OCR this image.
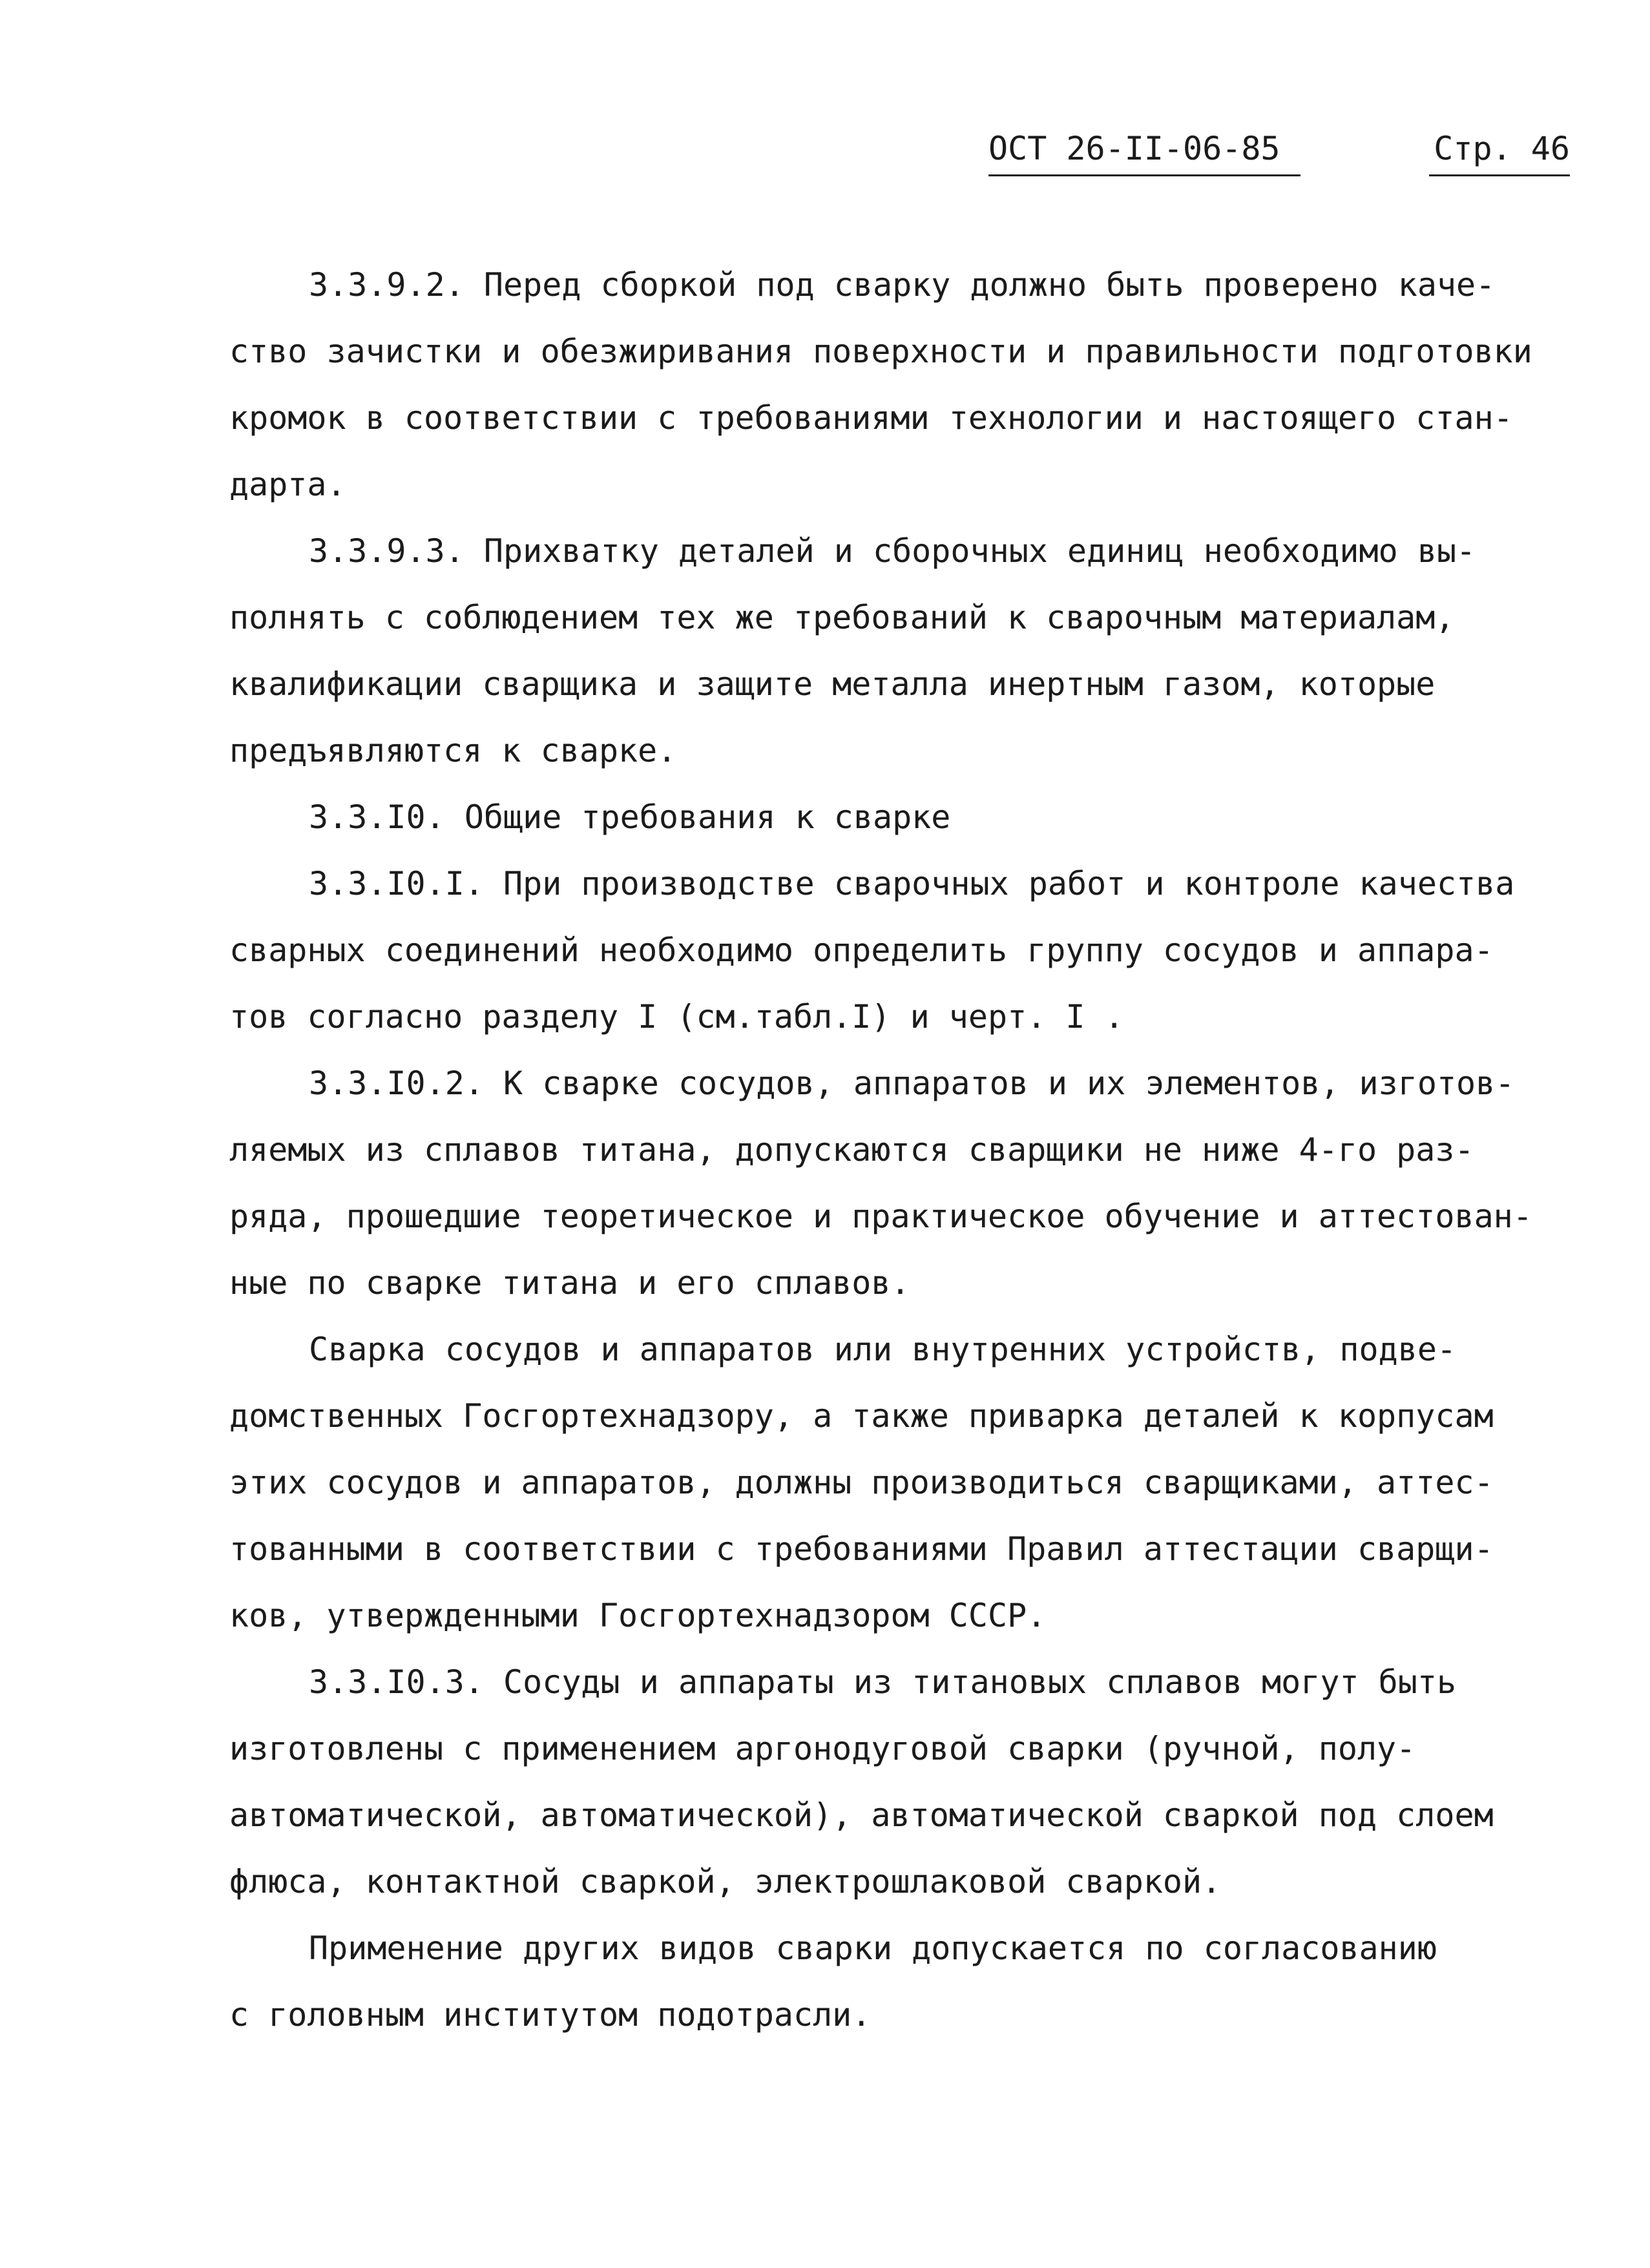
ОСТ 26-II-06-85	Стр. 46

3.3.9.2. Перед сборкой под сварку должно быть проверено каче-
ство зачистки и обезжиривания поверхности и правильности подготовки
кромок в соответствии с требованиями технологии и настоящего стан-
дарта.

3.3.9.3. Прихватку деталей и сборочных единиц необходимо вы-
полнять с соблюдением тех же требований к сварочным материалам,
квалификации сварщика и защите металла инертным газом, которые
предъявляются к сварке.

3.3.I0. Общие требования к сварке

3.3.I0.I. При производстве сварочных работ и контроле качества
сварных соединений необходимо определить группу сосудов и аппара-
тов согласно разделу I (см.табл.I) и черт. I .

3.3.I0.2. К сварке сосудов, аппаратов и их элементов, изготов-
ляемых из сплавов титана, допускаются сварщики не ниже 4-го раз-
ряда, прошедшие теоретическое и практическое обучение и аттестован-
ные по сварке титана и его сплавов.

Сварка сосудов и аппаратов или внутренних устройств, подве-
домственных Госгортехнадзору, а также приварка деталей к корпусам
этих сосудов и аппаратов, должны производиться сварщиками, аттес-
тованными в соответствии с требованиями Правил аттестации сварщи-
ков, утвержденными Госгортехнадзором СССР.

3.3.I0.3. Сосуды и аппараты из титановых сплавов могут быть
изготовлены с применением аргонодуговой сварки (ручной, полу-
автоматической, автоматической), автоматической сваркой под слоем
флюса, контактной сваркой, электрошлаковой сваркой.

Применение других видов сварки допускается по согласованию
с головным институтом подотрасли.
